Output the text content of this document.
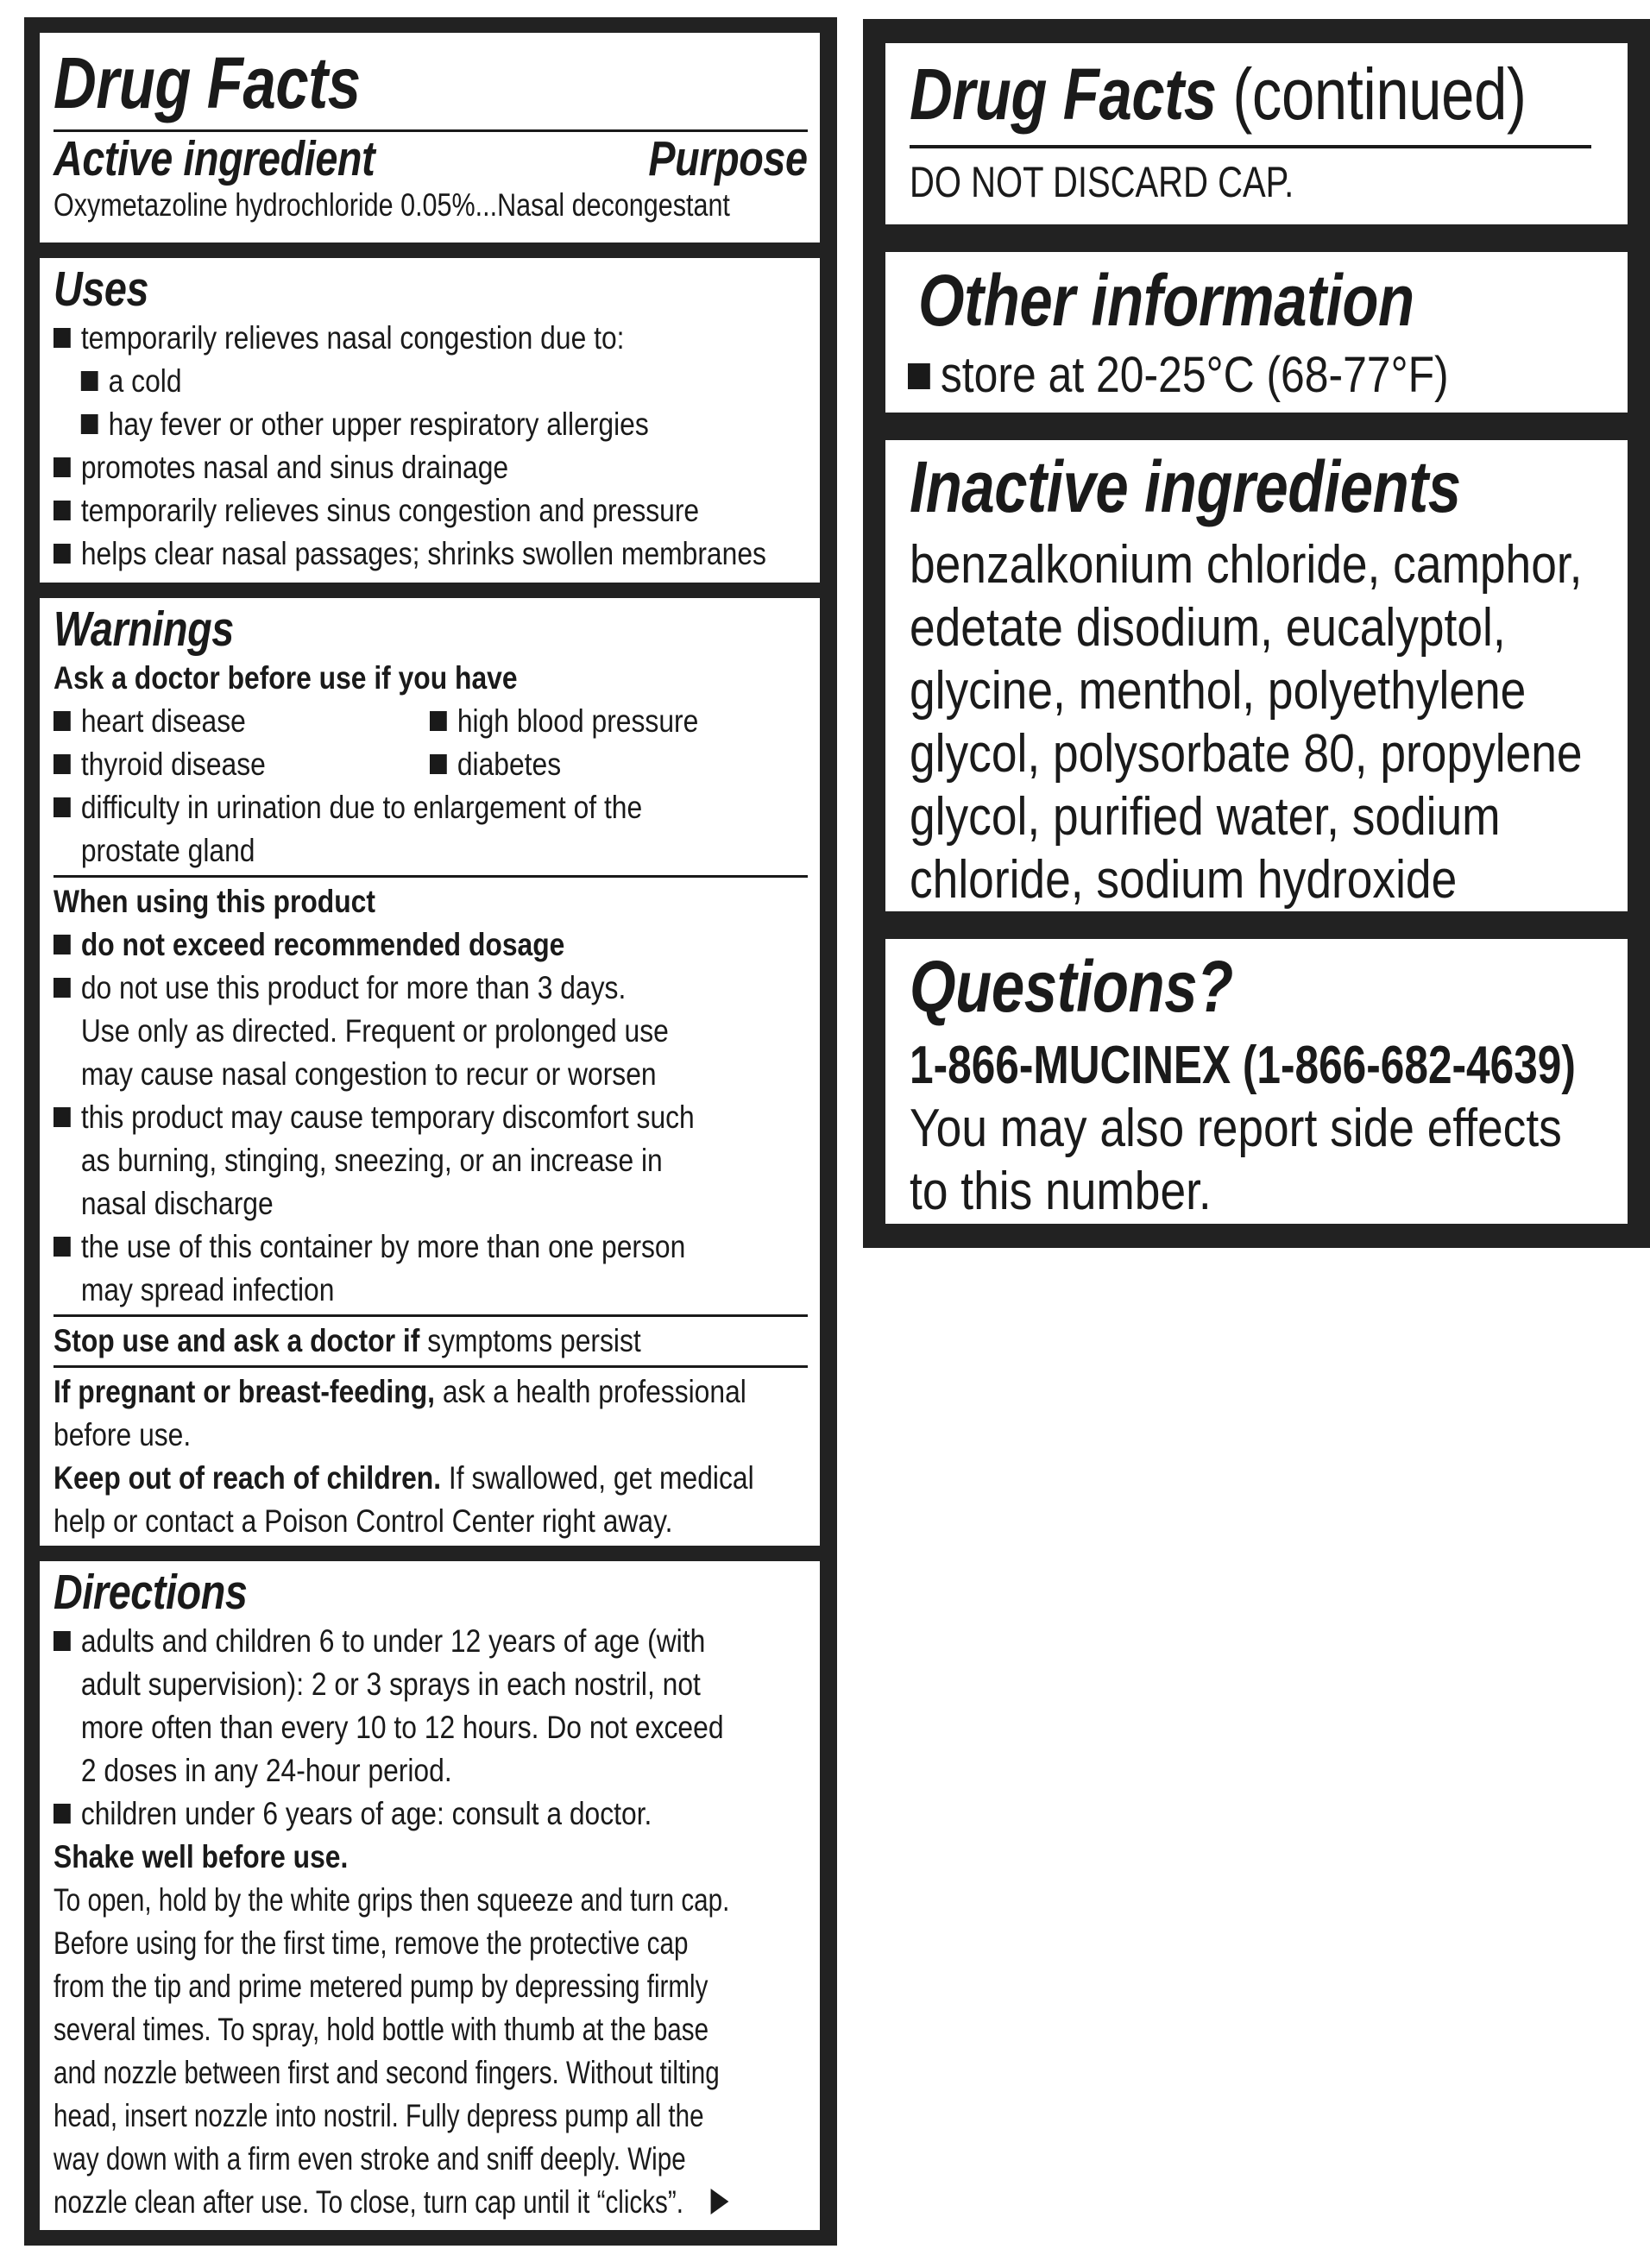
Drug Facts
Active ingredient	Purpose
Oxymetazoline hydrochloride 0.05%...Nasal decongestant
Uses
temporarily relieves nasal congestion due to:
a cold
hay fever or other upper respiratory allergies
promotes nasal and sinus drainage
temporarily relieves sinus congestion and pressure
helps clear nasal passages; shrinks swollen membranes
Warnings
Ask a doctor before use if you have
heart disease	high blood pressure
thyroid disease	diabetes
difficulty in urination due to enlargement of the
prostate gland
When using this product
do not exceed recommended dosage
do not use this product for more than 3 days.
Use only as directed. Frequent or prolonged use
may cause nasal congestion to recur or worsen
this product may cause temporary discomfort such
as burning, stinging, sneezing, or an increase in
nasal discharge
the use of this container by more than one person
may spread infection
Stop use and ask a doctor if symptoms persist
If pregnant or breast-feeding, ask a health professional
before use.
Keep out of reach of children. If swallowed, get medical
help or contact a Poison Control Center right away.
Directions
adults and children 6 to under 12 years of age (with
adult supervision): 2 or 3 sprays in each nostril, not
more often than every 10 to 12 hours. Do not exceed
2 doses in any 24-hour period.
children under 6 years of age: consult a doctor.
Shake well before use.
To open, hold by the white grips then squeeze and turn cap.
Before using for the first time, remove the protective cap
from the tip and prime metered pump by depressing firmly
several times. To spray, hold bottle with thumb at the base
and nozzle between first and second fingers. Without tilting
head, insert nozzle into nostril. Fully depress pump all the
way down with a firm even stroke and sniff deeply. Wipe
nozzle clean after use. To close, turn cap until it “clicks”.
Drug Facts (continued)
DO NOT DISCARD CAP.
Other information
store at 20-25°C (68-77°F)
Inactive ingredients
benzalkonium chloride, camphor,
edetate disodium, eucalyptol,
glycine, menthol, polyethylene
glycol, polysorbate 80, propylene
glycol, purified water, sodium
chloride, sodium hydroxide
Questions?
1-866-MUCINEX (1-866-682-4639)
You may also report side effects
to this number.
